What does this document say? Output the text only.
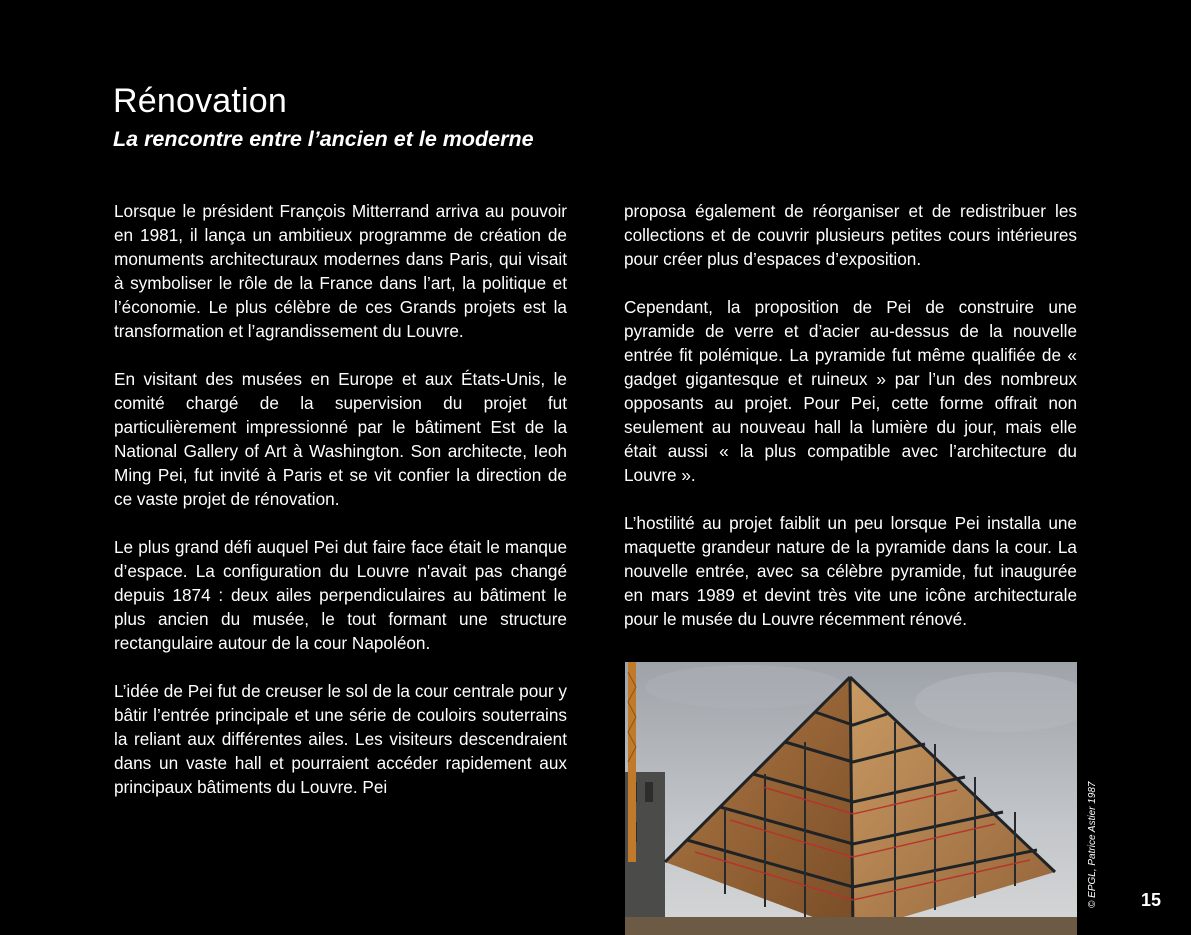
Rénovation
La rencontre entre l’ancien et le moderne

Lorsque le président François Mitterrand arriva au pouvoir en 1981, il lança un ambitieux programme de création de monuments architecturaux modernes dans Paris, qui visait à symboliser le rôle de la France dans l’art, la politique et l’économie. Le plus célèbre de ces Grands projets est la transformation et l’agrandissement du Louvre.

En visitant des musées en Europe et aux États-Unis, le comité chargé de la supervision du projet fut particulièrement impressionné par le bâtiment Est de la National Gallery of Art à Washington. Son architecte, Ieoh Ming Pei, fut invité à Paris et se vit confier la direction de ce vaste projet de rénovation.

Le plus grand défi auquel Pei dut faire face était le manque d’espace. La configuration du Louvre n'avait pas changé depuis 1874 : deux ailes perpendiculaires au bâtiment le plus ancien du musée, le tout formant une structure rectangulaire autour de la cour Napoléon.

L’idée de Pei fut de creuser le sol de la cour centrale pour y bâtir l’entrée principale et une série de couloirs souterrains la reliant aux différentes ailes. Les visiteurs descendraient dans un vaste hall et pourraient accéder rapidement aux principaux bâtiments du Louvre. Pei

proposa également de réorganiser et de redistribuer les collections et de couvrir plusieurs petites cours intérieures pour créer plus d’espaces d’exposition.

Cependant, la proposition de Pei de construire une pyramide de verre et d’acier au-dessus de la nouvelle entrée fit polémique. La pyramide fut même qualifiée de « gadget gigantesque et ruineux » par l’un des nombreux opposants au projet. Pour Pei, cette forme offrait non seulement au nouveau hall la lumière du jour, mais elle était aussi « la plus compatible avec l’architecture du Louvre ».

L’hostilité au projet faiblit un peu lorsque Pei installa une maquette grandeur nature de la pyramide dans la cour. La nouvelle entrée, avec sa célèbre pyramide, fut inaugurée en mars 1989 et devint très vite une icône architecturale pour le musée du Louvre récemment rénové.

© EPGL, Patrice Astier 1987 15
